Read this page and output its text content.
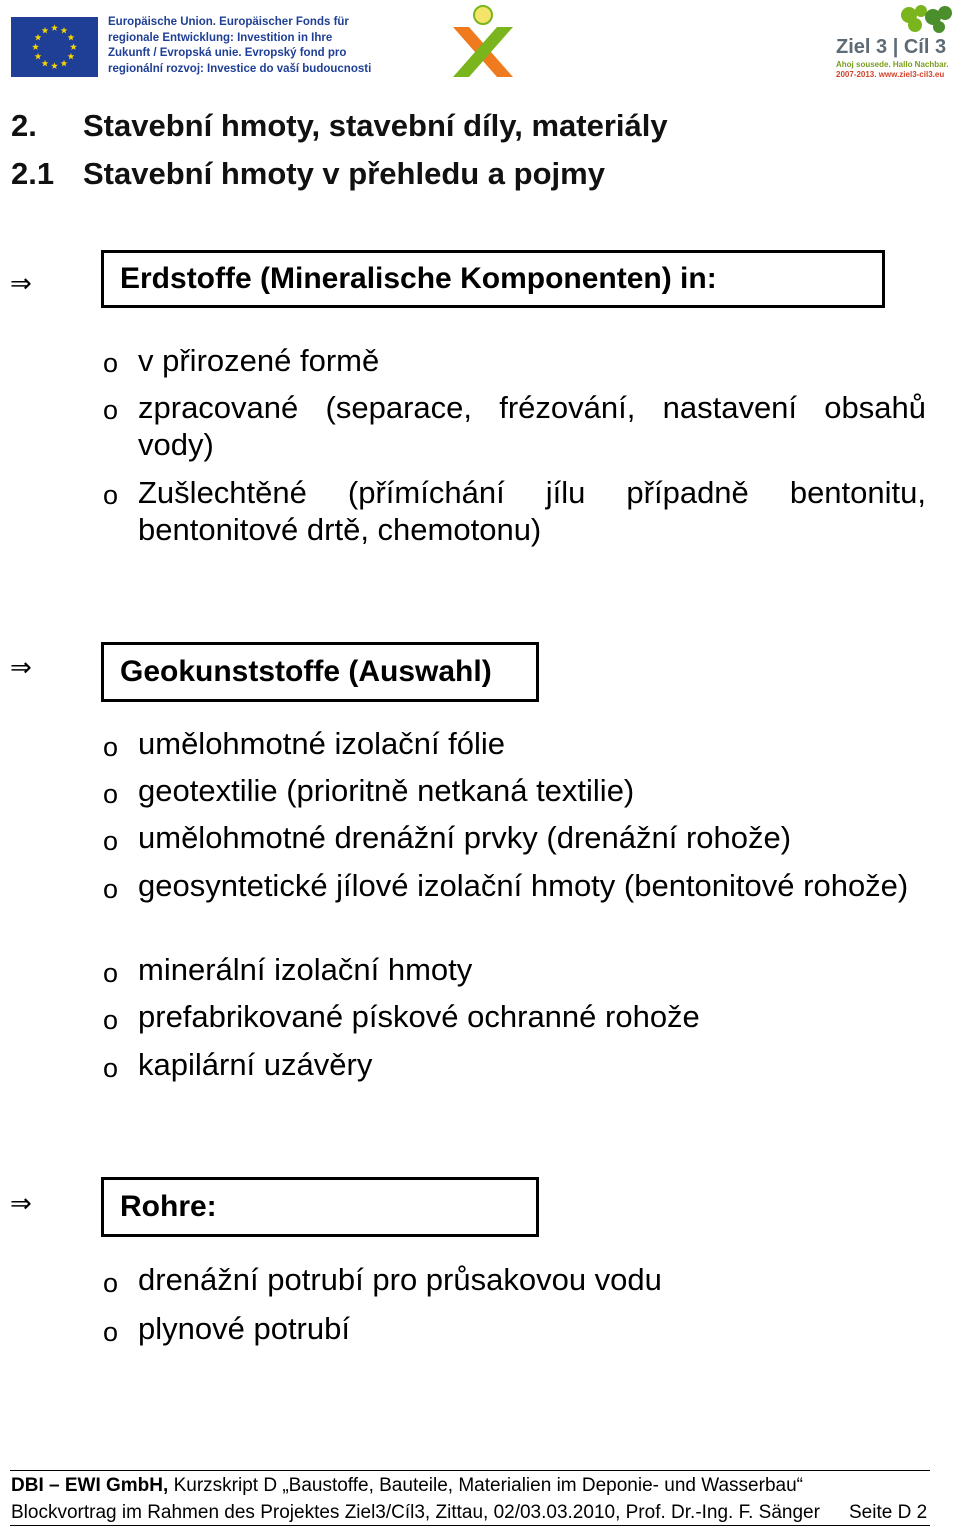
Europäische Union. Europäischer Fonds für
regionale Entwicklung: Investition in Ihre
Zukunft / Evropská unie. Evropský fond pro
regionální rozvoj: Investice do vaší budoucnosti
Ziel 3 | Cíl 3
Ahoj sousede. Hallo Nachbar.
2007-2013. www.ziel3-cil3.eu
2. Stavební hmoty, stavební díly, materiály
2.1 Stavební hmoty v přehledu a pojmy
⇒	Erdstoffe (Mineralische Komponenten) in:
o v přirozené formě
o zpracované (separace, frézování, nastavení obsahů vody)
o Zušlechtěné (přímíchání jílu případně bentonitu, bentonitové drtě, chemotonu)
⇒	Geokunststoffe (Auswahl)
o umělohmotné izolační fólie
o geotextilie (prioritně netkaná textilie)
o umělohmotné drenážní prvky (drenážní rohože)
o geosyntetické jílové izolační hmoty (bentonitové rohože)
o minerální izolační hmoty
o prefabrikované pískové ochranné rohože
o kapilární uzávěry
⇒	Rohre:
o drenážní potrubí pro průsakovou vodu
o plynové potrubí
DBI – EWI GmbH, Kurzskript D „Baustoffe, Bauteile, Materialien im Deponie- und Wasserbau“
Blockvortrag im Rahmen des Projektes Ziel3/Cíl3, Zittau, 02/03.03.2010, Prof. Dr.-Ing. F. Sänger Seite D 2
